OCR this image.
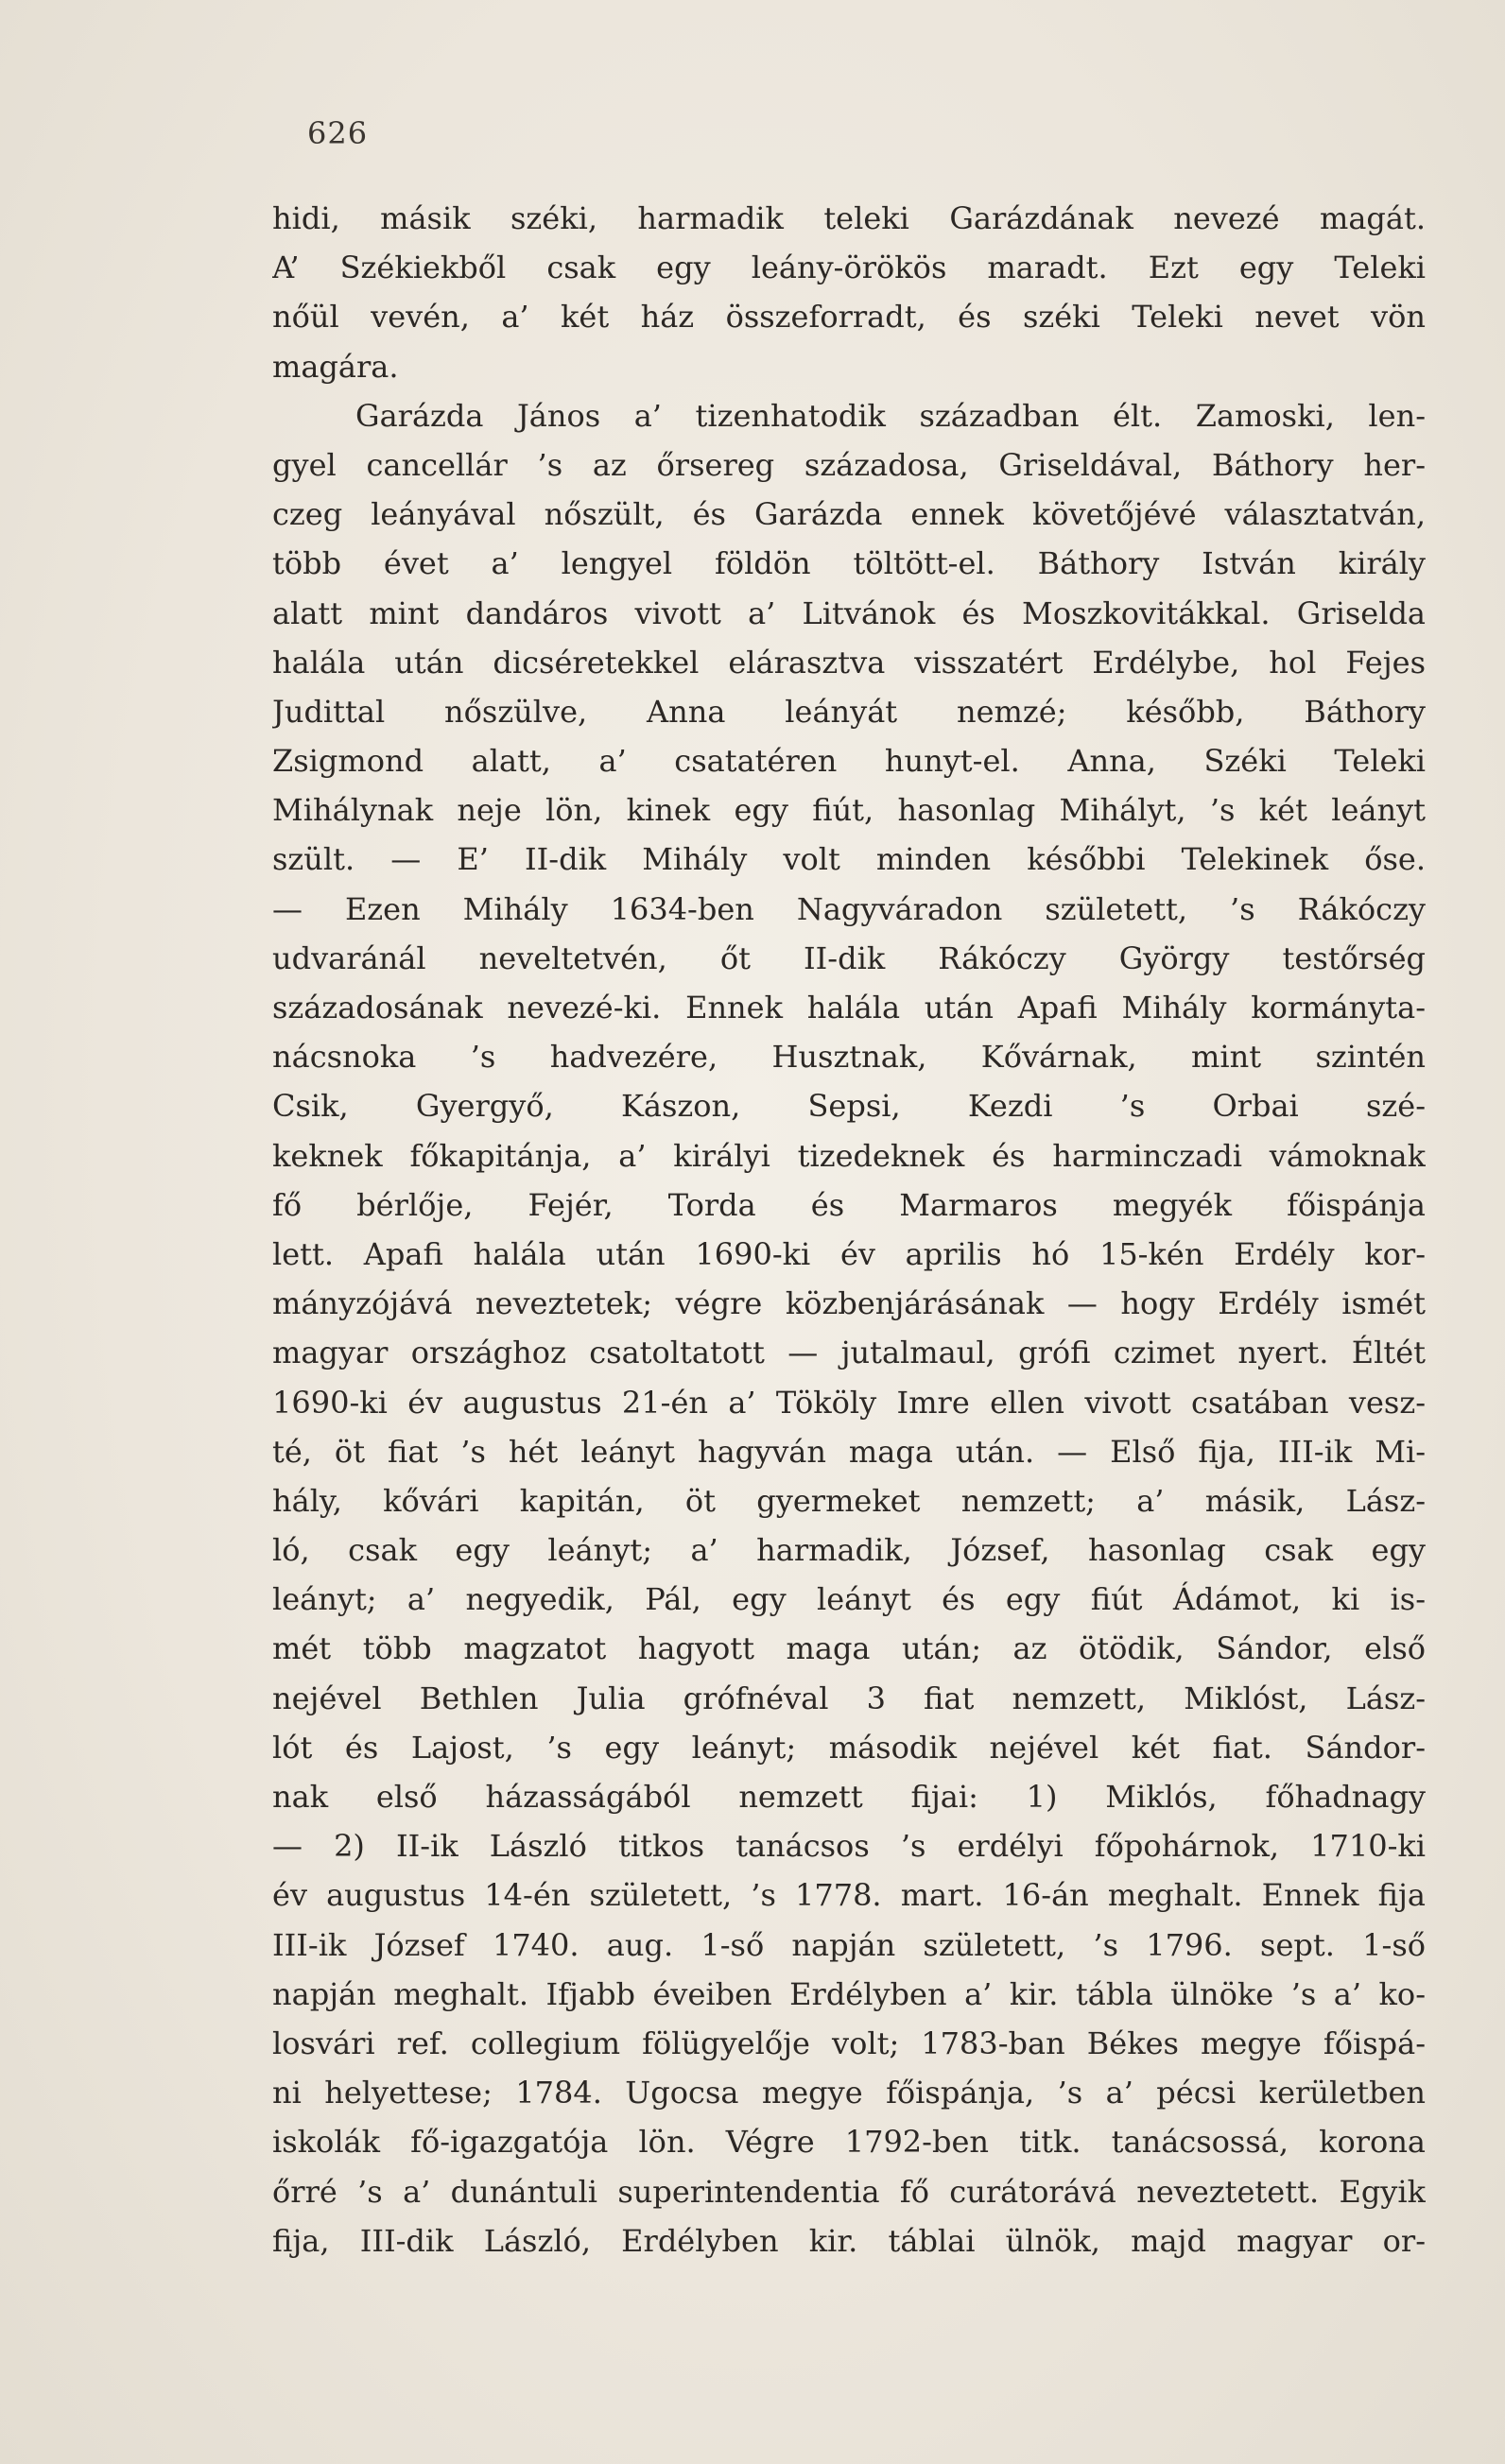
626
hidi, másik széki, harmadik teleki Garázdának nevezé magát.
A’ Székiekből csak egy leány-örökös maradt. Ezt egy Teleki
nőül vevén, a’ két ház összeforradt, és széki Teleki nevet vön
magára.
Garázda János a’ tizenhatodik században élt. Zamoski, len-
gyel cancellár ’s az őrsereg századosa, Griseldával, Báthory her-
czeg leányával nőszült, és Garázda ennek követőjévé választatván,
több évet a’ lengyel földön töltött-el. Báthory István király
alatt mint dandáros vivott a’ Litvánok és Moszkovitákkal. Griselda
halála után dicséretekkel elárasztva visszatért Erdélybe, hol Fejes
Judittal nőszülve, Anna leányát nemzé; később, Báthory
Zsigmond alatt, a’ csatatéren hunyt-el. Anna, Széki Teleki
Mihálynak neje lön, kinek egy fiút, hasonlag Mihályt, ’s két leányt
szült. — E’ II-dik Mihály volt minden későbbi Telekinek őse.
— Ezen Mihály 1634-ben Nagyváradon született, ’s Rákóczy
udvaránál neveltetvén, őt II-dik Rákóczy György testőrség
századosának nevezé-ki. Ennek halála után Apafi Mihály kormányta-
nácsnoka ’s hadvezére, Husztnak, Kővárnak, mint szintén
Csik, Gyergyő, Kászon, Sepsi, Kezdi ’s Orbai szé-
keknek főkapitánja, a’ királyi tizedeknek és harminczadi vámoknak
fő bérlője, Fejér, Torda és Marmaros megyék főispánja
lett. Apafi halála után 1690-ki év aprilis hó 15-kén Erdély kor-
mányzójává neveztetek; végre közbenjárásának — hogy Erdély ismét
magyar országhoz csatoltatott — jutalmaul, grófi czimet nyert. Éltét
1690-ki év augustus 21-én a’ Tököly Imre ellen vivott csatában vesz-
té, öt fiat ’s hét leányt hagyván maga után. — Első fija, III-ik Mi-
hály, kővári kapitán, öt gyermeket nemzett; a’ másik, Lász-
ló, csak egy leányt; a’ harmadik, József, hasonlag csak egy
leányt; a’ negyedik, Pál, egy leányt és egy fiút Ádámot, ki is-
mét több magzatot hagyott maga után; az ötödik, Sándor, első
nejével Bethlen Julia grófnéval 3 fiat nemzett, Miklóst, Lász-
lót és Lajost, ’s egy leányt; második nejével két fiat. Sándor-
nak első házasságából nemzett fijai: 1) Miklós, főhadnagy
— 2) II-ik László titkos tanácsos ’s erdélyi főpohárnok, 1710-ki
év augustus 14-én született, ’s 1778. mart. 16-án meghalt. Ennek fija
III-ik József 1740. aug. 1-ső napján született, ’s 1796. sept. 1-ső
napján meghalt. Ifjabb éveiben Erdélyben a’ kir. tábla ülnöke ’s a’ ko-
losvári ref. collegium fölügyelője volt; 1783-ban Békes megye főispá-
ni helyettese; 1784. Ugocsa megye főispánja, ’s a’ pécsi kerületben
iskolák fő-igazgatója lön. Végre 1792-ben titk. tanácsossá, korona
őrré ’s a’ dunántuli superintendentia fő curátorává neveztetett. Egyik
fija, III-dik László, Erdélyben kir. táblai ülnök, majd magyar or-
